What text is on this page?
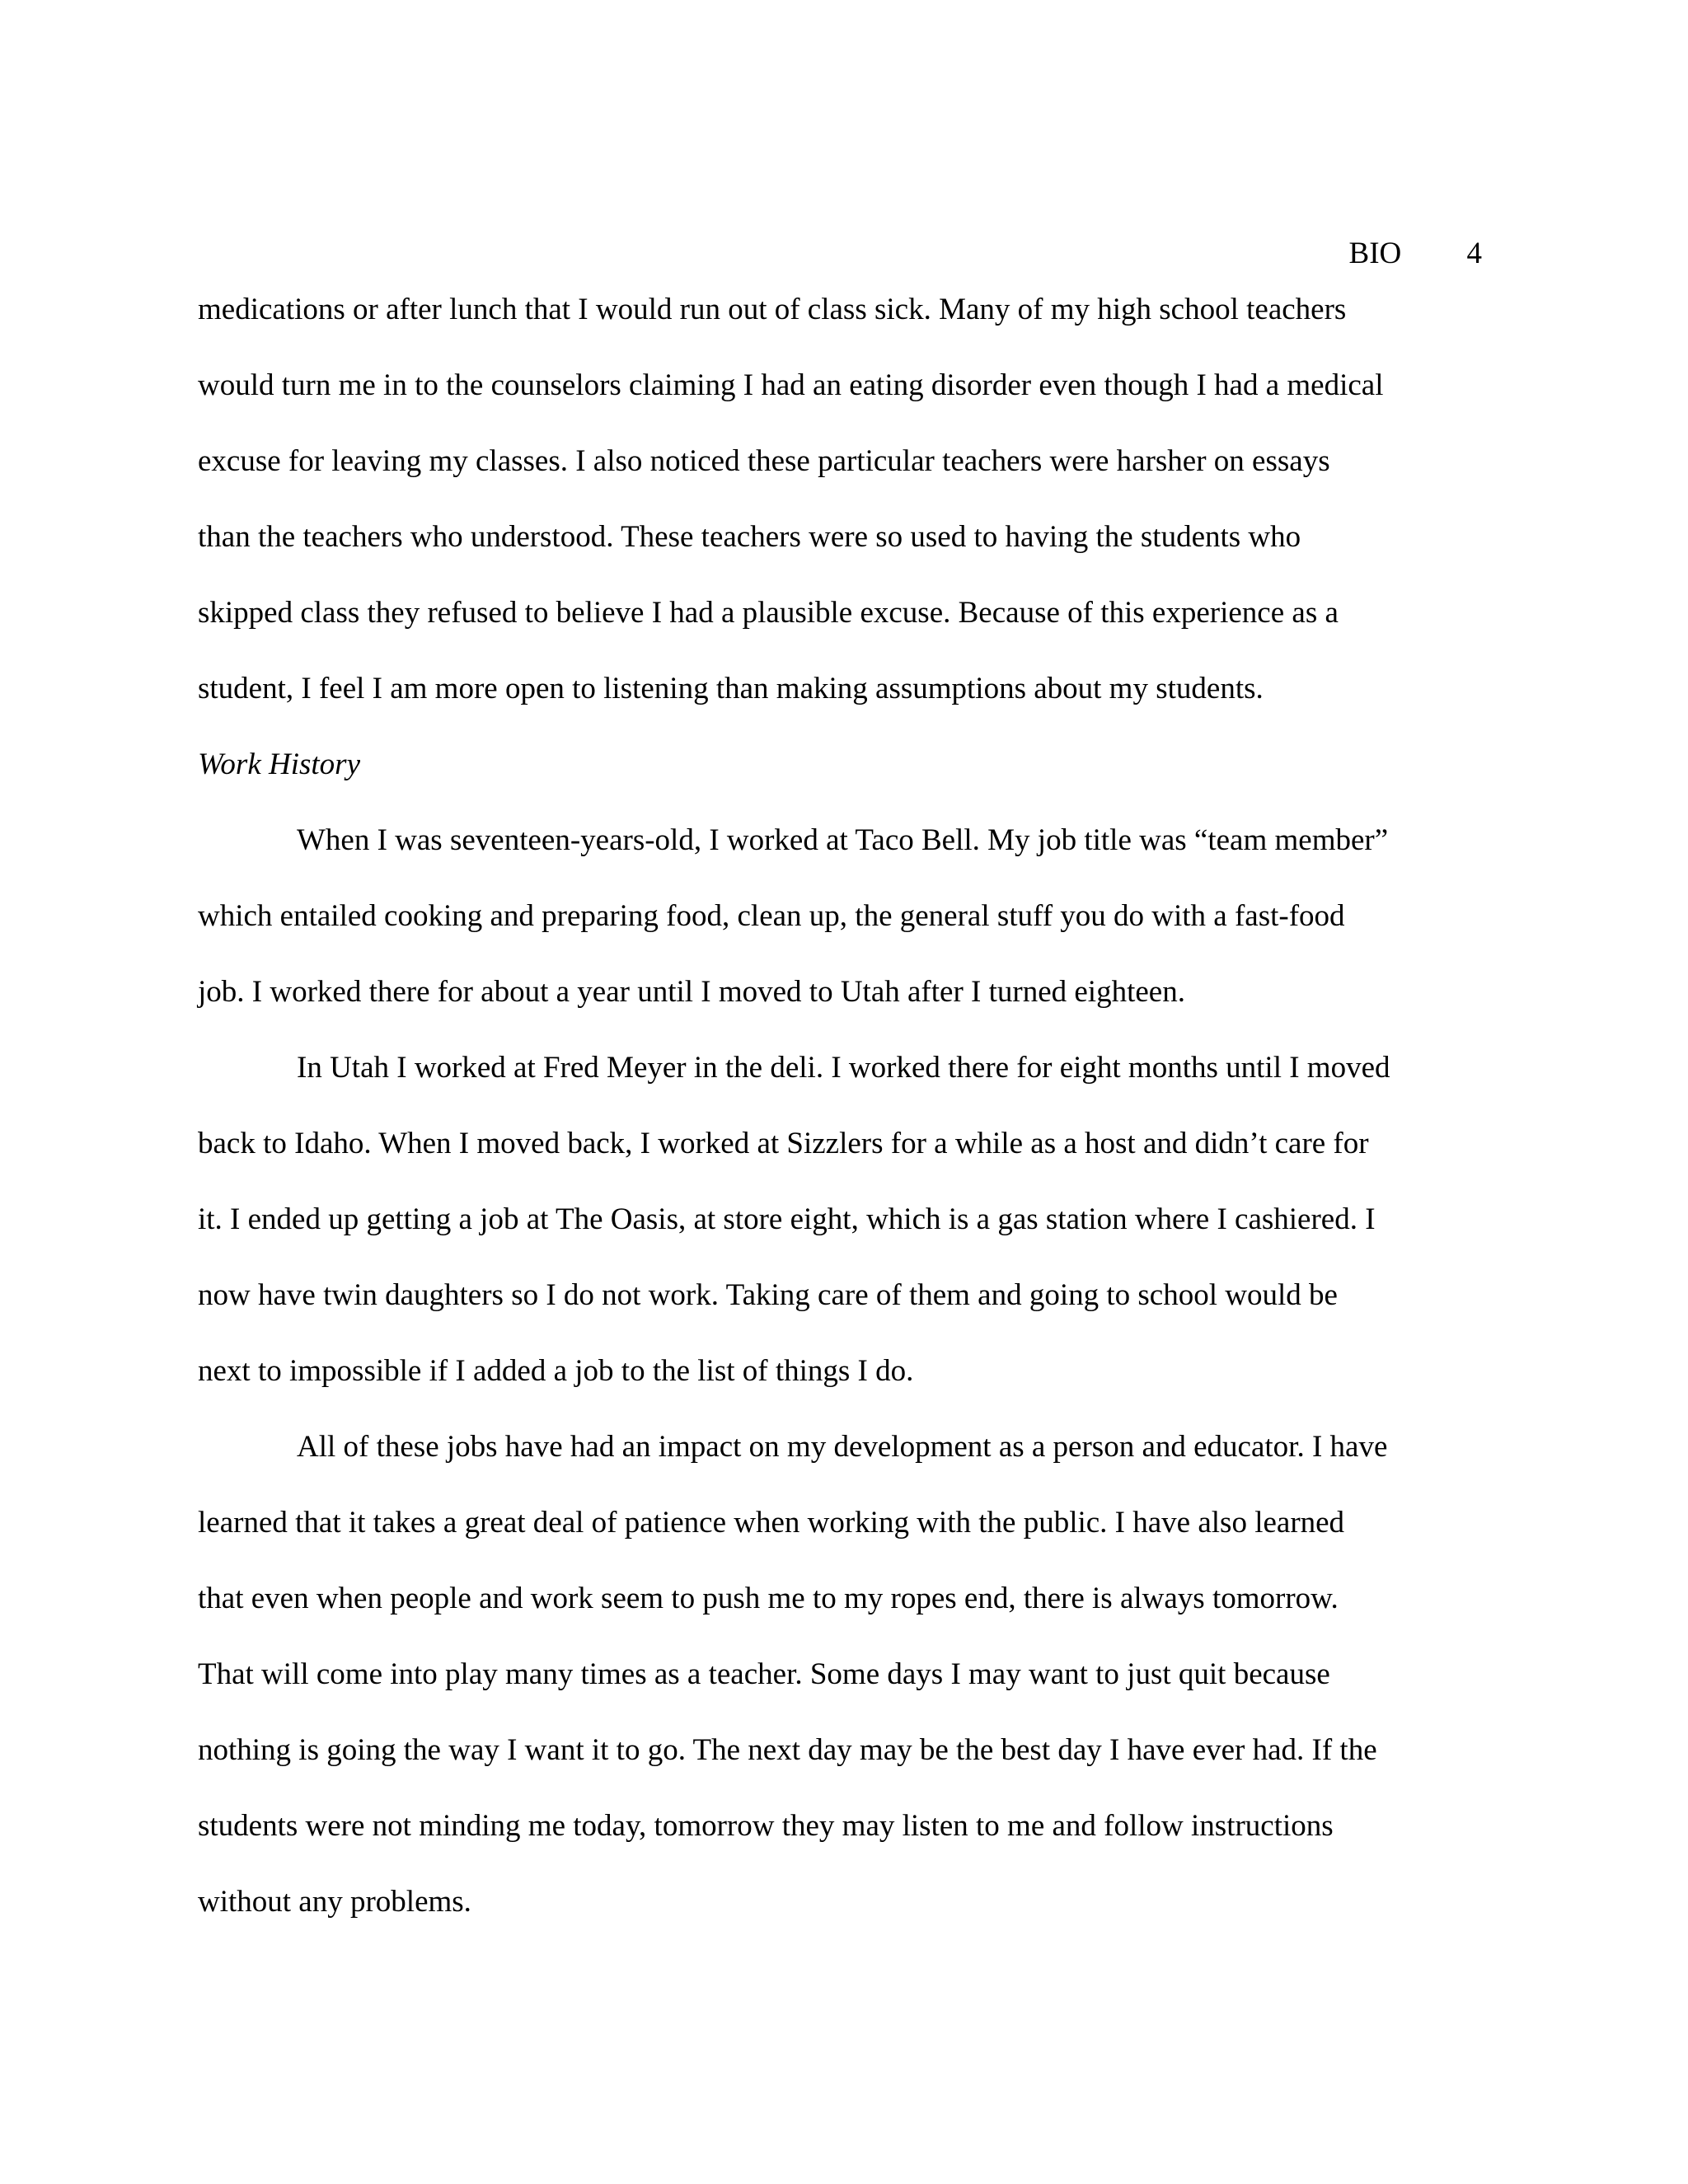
BIO 4

medications or after lunch that I would run out of class sick. Many of my high school teachers
would turn me in to the counselors claiming I had an eating disorder even though I had a medical
excuse for leaving my classes. I also noticed these particular teachers were harsher on essays
than the teachers who understood. These teachers were so used to having the students who
skipped class they refused to believe I had a plausible excuse. Because of this experience as a
student, I feel I am more open to listening than making assumptions about my students.

Work History

When I was seventeen-years-old, I worked at Taco Bell. My job title was “team member”
which entailed cooking and preparing food, clean up, the general stuff you do with a fast-food
job. I worked there for about a year until I moved to Utah after I turned eighteen.

In Utah I worked at Fred Meyer in the deli. I worked there for eight months until I moved
back to Idaho. When I moved back, I worked at Sizzlers for a while as a host and didn’t care for
it. I ended up getting a job at The Oasis, at store eight, which is a gas station where I cashiered. I
now have twin daughters so I do not work. Taking care of them and going to school would be
next to impossible if I added a job to the list of things I do.

All of these jobs have had an impact on my development as a person and educator. I have
learned that it takes a great deal of patience when working with the public. I have also learned
that even when people and work seem to push me to my ropes end, there is always tomorrow.
That will come into play many times as a teacher. Some days I may want to just quit because
nothing is going the way I want it to go. The next day may be the best day I have ever had. If the
students were not minding me today, tomorrow they may listen to me and follow instructions
without any problems.
